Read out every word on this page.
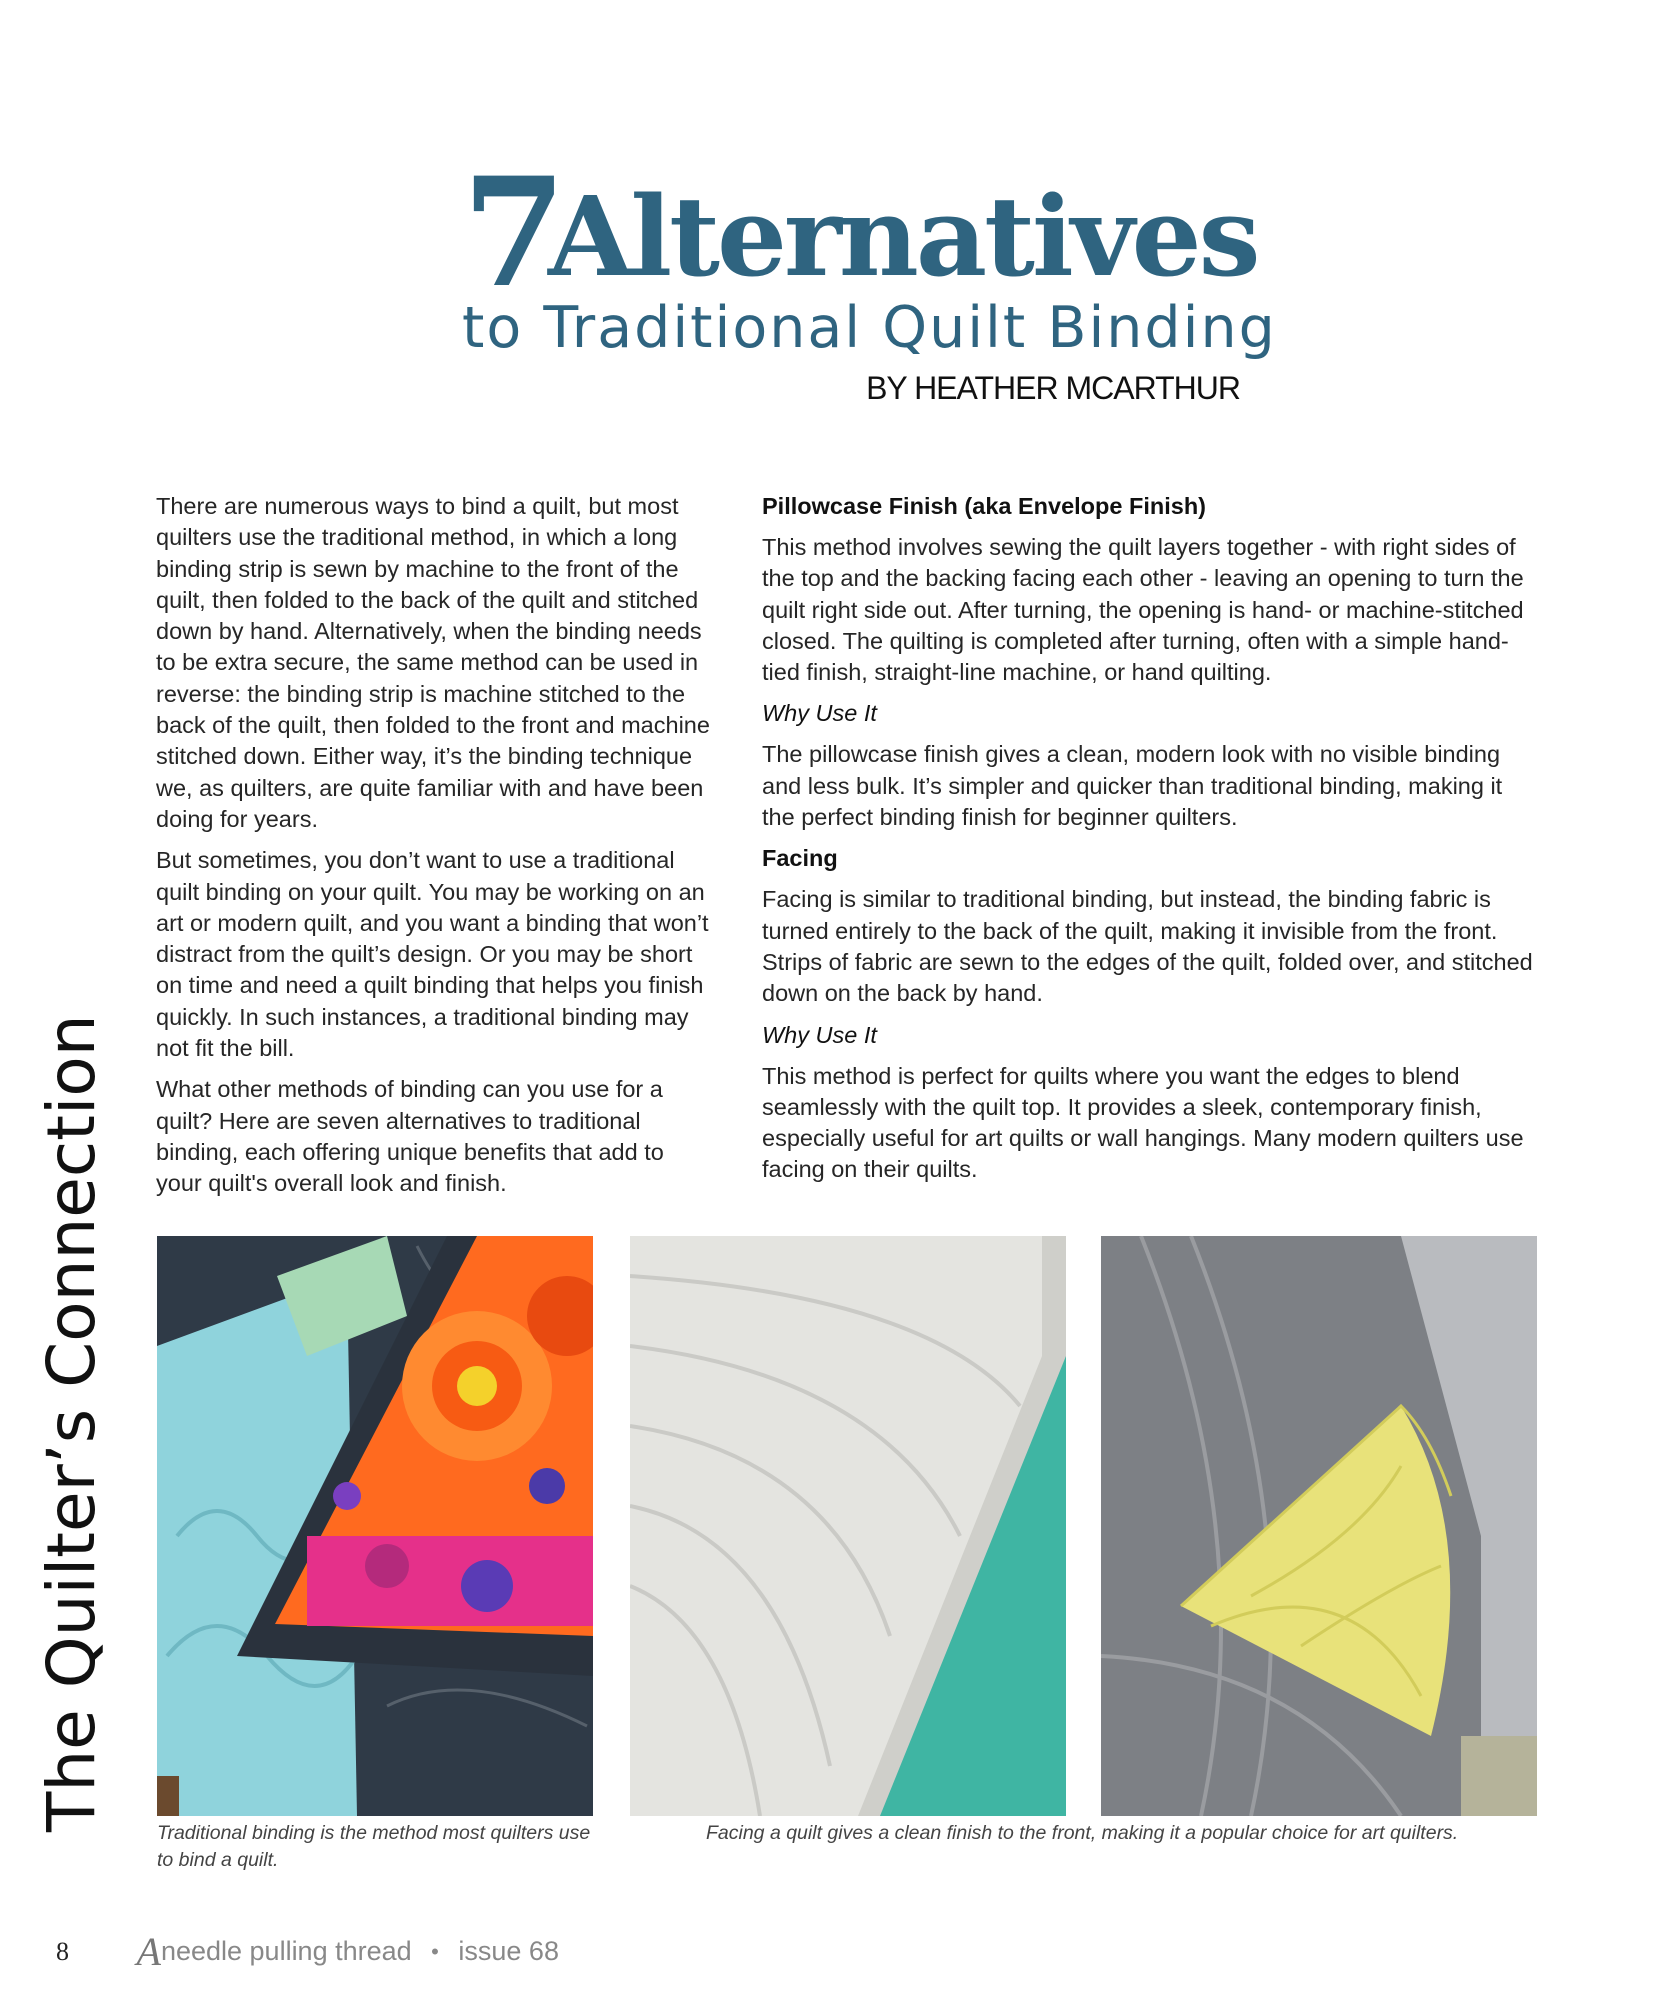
7
Alternatives
to Traditional Quilt Binding
BY HEATHER MCARTHUR

There are numerous ways to bind a quilt, but most quilters use the traditional method, in which a long binding strip is sewn by machine to the front of the quilt, then folded to the back of the quilt and stitched down by hand. Alternatively, when the binding needs to be extra secure, the same method can be used in reverse: the binding strip is machine stitched to the back of the quilt, then folded to the front and machine stitched down. Either way, it’s the binding technique we, as quilters, are quite familiar with and have been doing for years.

But sometimes, you don’t want to use a traditional quilt binding on your quilt. You may be working on an art or modern quilt, and you want a binding that won’t distract from the quilt’s design. Or you may be short on time and need a quilt binding that helps you finish quickly. In such instances, a traditional binding may not fit the bill.

What other methods of binding can you use for a quilt? Here are seven alternatives to traditional binding, each offering unique benefits that add to your quilt's overall look and finish.

Pillowcase Finish (aka Envelope Finish)

This method involves sewing the quilt layers together - with right sides of the top and the backing facing each other - leaving an opening to turn the quilt right side out. After turning, the opening is hand- or machine-stitched closed. The quilting is completed after turning, often with a simple hand-tied finish, straight-line machine, or hand quilting.

Why Use It

The pillowcase finish gives a clean, modern look with no visible binding and less bulk. It’s simpler and quicker than traditional binding, making it the perfect binding finish for beginner quilters.

Facing

Facing is similar to traditional binding, but instead, the binding fabric is turned entirely to the back of the quilt, making it invisible from the front. Strips of fabric are sewn to the edges of the quilt, folded over, and stitched down on the back by hand.

Why Use It

This method is perfect for quilts where you want the edges to blend seamlessly with the quilt top. It provides a sleek, contemporary finish, especially useful for art quilts or wall hangings. Many modern quilters use facing on their quilts.

Traditional binding is the method most quilters use to bind a quilt.
Facing a quilt gives a clean finish to the front, making it a popular choice for art quilters.
The Quilter’s Connection
8 Aneedle pulling thread • issue 68
